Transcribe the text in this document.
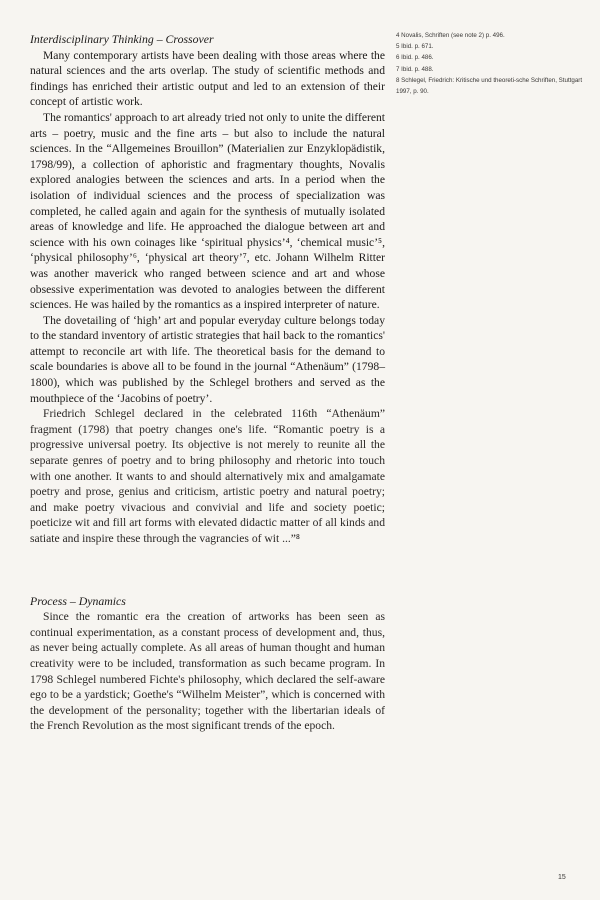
Interdisciplinary Thinking – Crossover

Many contemporary artists have been dealing with those areas where the natural sciences and the arts overlap. The study of scientific methods and findings has enriched their artistic output and led to an extension of their concept of artistic work.

The romantics' approach to art already tried not only to unite the different arts – poetry, music and the fine arts – but also to include the natural sciences. In the “Allgemeines Brouillon” (Materialien zur Enzyklopädistik, 1798/99), a collection of aphoristic and fragmentary thoughts, Novalis explored analogies between the sciences and arts. In a period when the isolation of individual sciences and the process of specialization was completed, he called again and again for the synthesis of mutually isolated areas of knowledge and life. He approached the dialogue between art and science with his own coinages like ‘spiritual physics’⁴, ‘chemical music’⁵, ‘physical philosophy’⁶, ‘physical art theory’⁷, etc. Johann Wilhelm Ritter was another maverick who ranged between science and art and whose obsessive experimentation was devoted to analogies between the different sciences. He was hailed by the romantics as a inspired interpreter of nature.

The dovetailing of ‘high’ art and popular everyday culture belongs today to the standard inventory of artistic strategies that hail back to the romantics' attempt to reconcile art with life. The theoretical basis for the demand to scale boundaries is above all to be found in the journal “Athenäum” (1798–1800), which was published by the Schlegel brothers and served as the mouthpiece of the ‘Jacobins of poetry’.

Friedrich Schlegel declared in the celebrated 116th “Athenäum” fragment (1798) that poetry changes one's life. “Romantic poetry is a progressive universal poetry. Its objective is not merely to reunite all the separate genres of poetry and to bring philosophy and rhetoric into touch with one another. It wants to and should alternatively mix and amalgamate poetry and prose, genius and criticism, artistic poetry and natural poetry; and make poetry vivacious and convivial and life and society poetic; poeticize wit and fill art forms with elevated didactic matter of all kinds and satiate and inspire these through the vagrancies of wit ...”⁸

Process – Dynamics

Since the romantic era the creation of artworks has been seen as continual experimentation, as a constant process of development and, thus, as never being actually complete. As all areas of human thought and human creativity were to be included, transformation as such became program. In 1798 Schlegel numbered Fichte's philosophy, which declared the self-aware ego to be a yardstick; Goethe's “Wilhelm Meister”, which is concerned with the development of the personality; together with the libertarian ideals of the French Revolution as the most significant trends of the epoch.

4 Novalis, Schriften (see note 2) p. 496.

5 Ibid. p. 671.

6 Ibid. p. 486.

7 Ibid. p. 488.

8 Schlegel, Friedrich: Kritische und theoreti-sche Schriften, Stuttgart 1997, p. 90.

15
